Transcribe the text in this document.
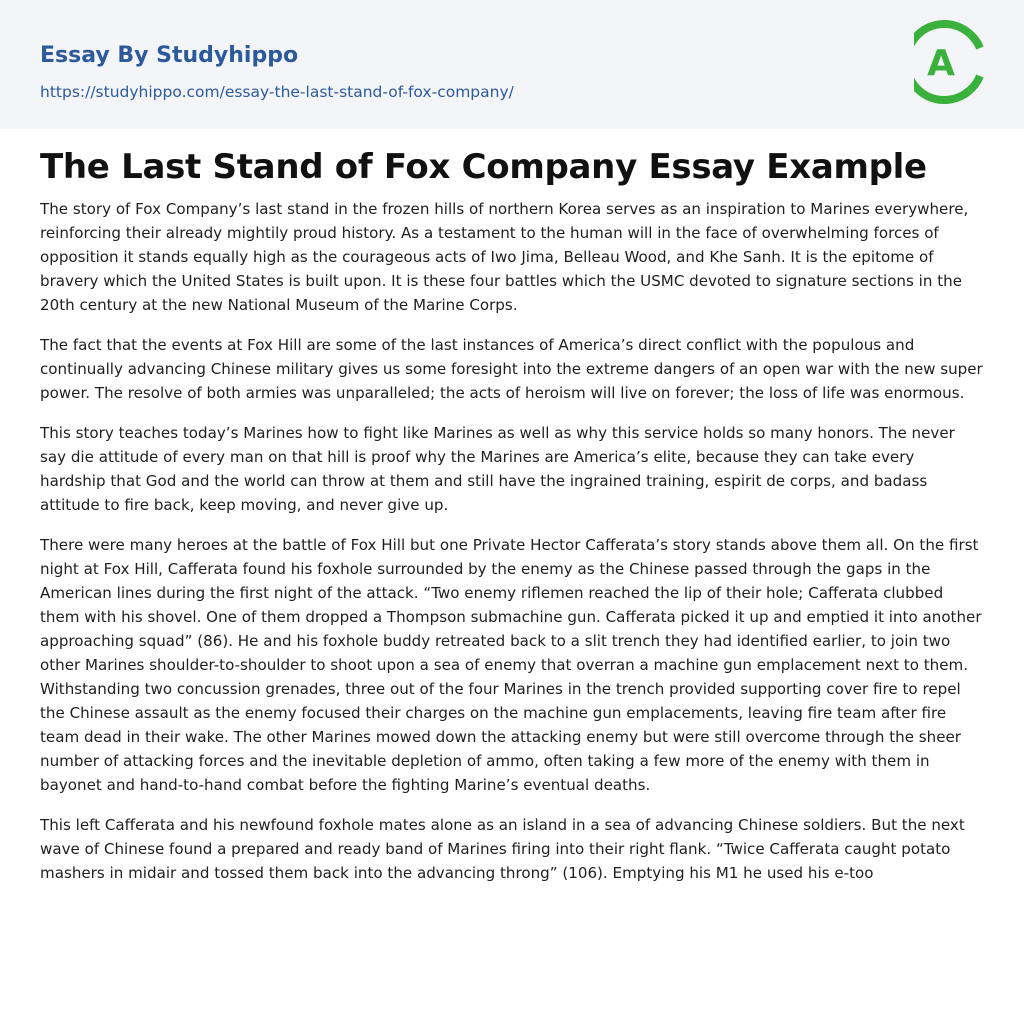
Essay By Studyhippo
https://studyhippo.com/essay-the-last-stand-of-fox-company/
A
The Last Stand of Fox Company Essay Example

The story of Fox Company’s last stand in the frozen hills of northern Korea serves as an inspiration to Marines everywhere, reinforcing their already mightily proud history. As a testament to the human will in the face of overwhelming forces of opposition it stands equally high as the courageous acts of Iwo Jima, Belleau Wood, and Khe Sanh. It is the epitome of bravery which the United States is built upon. It is these four battles which the USMC devoted to signature sections in the 20th century at the new National Museum of the Marine Corps.

The fact that the events at Fox Hill are some of the last instances of America’s direct conflict with the populous and continually advancing Chinese military gives us some foresight into the extreme dangers of an open war with the new super power. The resolve of both armies was unparalleled; the acts of heroism will live on forever; the loss of life was enormous.

This story teaches today’s Marines how to fight like Marines as well as why this service holds so many honors. The never say die attitude of every man on that hill is proof why the Marines are America’s elite, because they can take every hardship that God and the world can throw at them and still have the ingrained training, espirit de corps, and badass attitude to fire back, keep moving, and never give up.

There were many heroes at the battle of Fox Hill but one Private Hector Cafferata’s story stands above them all. On the first night at Fox Hill, Cafferata found his foxhole surrounded by the enemy as the Chinese passed through the gaps in the American lines during the first night of the attack. “Two enemy riflemen reached the lip of their hole; Cafferata clubbed them with his shovel. One of them dropped a Thompson submachine gun. Cafferata picked it up and emptied it into another approaching squad” (86). He and his foxhole buddy retreated back to a slit trench they had identified earlier, to join two other Marines shoulder-to-shoulder to shoot upon a sea of enemy that overran a machine gun emplacement next to them. Withstanding two concussion grenades, three out of the four Marines in the trench provided supporting cover fire to repel the Chinese assault as the enemy focused their charges on the machine gun emplacements, leaving fire team after fire team dead in their wake. The other Marines mowed down the attacking enemy but were still overcome through the sheer number of attacking forces and the inevitable depletion of ammo, often taking a few more of the enemy with them in bayonet and hand-to-hand combat before the fighting Marine’s eventual deaths.

This left Cafferata and his newfound foxhole mates alone as an island in a sea of advancing Chinese soldiers. But the next wave of Chinese found a prepared and ready band of Marines firing into their right flank. “Twice Cafferata caught potato mashers in midair and tossed them back into the advancing throng” (106). Emptying his M1 he used his e-too
